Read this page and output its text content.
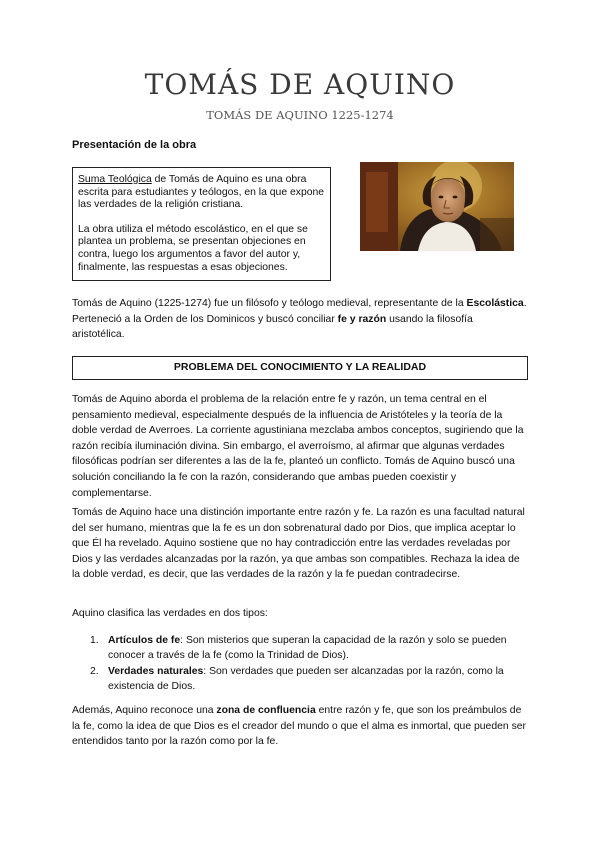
TOMÁS DE AQUINO
TOMÁS DE AQUINO 1225-1274
Presentación de la obra

Suma Teológica de Tomás de Aquino es una obra escrita para estudiantes y teólogos, en la que expone las verdades de la religión cristiana.

La obra utiliza el método escolástico, en el que se plantea un problema, se presentan objeciones en contra, luego los argumentos a favor del autor y, finalmente, las respuestas a esas objeciones.

Tomás de Aquino (1225-1274) fue un filósofo y teólogo medieval, representante de la Escolástica. Perteneció a la Orden de los Dominicos y buscó conciliar fe y razón usando la filosofía aristotélica.

PROBLEMA DEL CONOCIMIENTO Y LA REALIDAD

Tomás de Aquino aborda el problema de la relación entre fe y razón, un tema central en el pensamiento medieval, especialmente después de la influencia de Aristóteles y la teoría de la doble verdad de Averroes. La corriente agustiniana mezclaba ambos conceptos, sugiriendo que la razón recibía iluminación divina. Sin embargo, el averroísmo, al afirmar que algunas verdades filosóficas podrían ser diferentes a las de la fe, planteó un conflicto. Tomás de Aquino buscó una solución conciliando la fe con la razón, considerando que ambas pueden coexistir y complementarse.

Tomás de Aquino hace una distinción importante entre razón y fe. La razón es una facultad natural del ser humano, mientras que la fe es un don sobrenatural dado por Dios, que implica aceptar lo que Él ha revelado. Aquino sostiene que no hay contradicción entre las verdades reveladas por Dios y las verdades alcanzadas por la razón, ya que ambas son compatibles. Rechaza la idea de la doble verdad, es decir, que las verdades de la razón y la fe puedan contradecirse.

Aquino clasifica las verdades en dos tipos:

1. Artículos de fe: Son misterios que superan la capacidad de la razón y solo se pueden conocer a través de la fe (como la Trinidad de Dios).
2. Verdades naturales: Son verdades que pueden ser alcanzadas por la razón, como la existencia de Dios.

Además, Aquino reconoce una zona de confluencia entre razón y fe, que son los preámbulos de la fe, como la idea de que Dios es el creador del mundo o que el alma es inmortal, que pueden ser entendidos tanto por la razón como por la fe.
